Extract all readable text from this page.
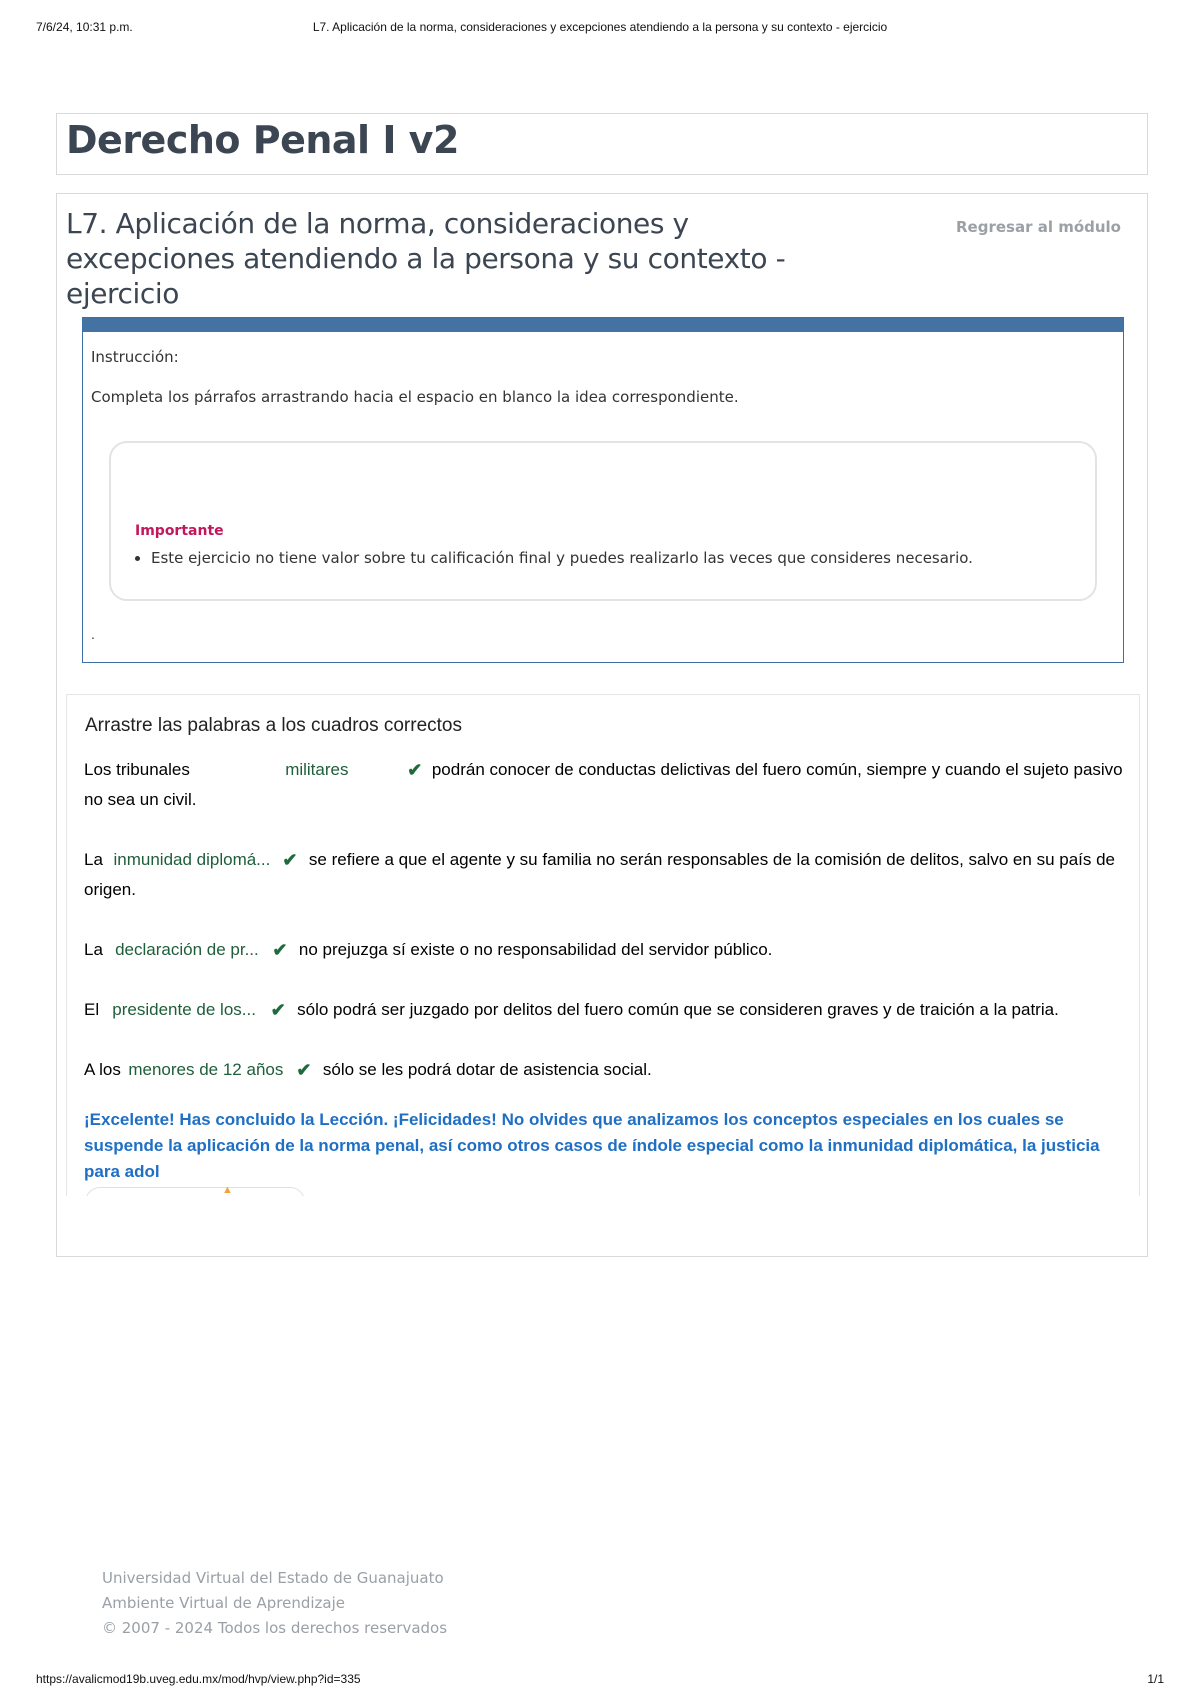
7/6/24, 10:31 p.m.	L7. Aplicación de la norma, consideraciones y excepciones atendiendo a la persona y su contexto - ejercicio
Derecho Penal I v2
L7. Aplicación de la norma, consideraciones y excepciones atendiendo a la persona y su contexto - ejercicio
Regresar al módulo
Instrucción:
Completa los párrafos arrastrando hacia el espacio en blanco la idea correspondiente.
Importante
• Este ejercicio no tiene valor sobre tu calificación final y puedes realizarlo las veces que consideres necesario.
.
Arrastre las palabras a los cuadros correctos
Los tribunales	militares	✔ podrán conocer de conductas delictivas del fuero común, siempre y cuando el sujeto pasivo no sea un civil.
La inmunidad diplomá... ✔ se refiere a que el agente y su familia no serán responsables de la comisión de delitos, salvo en su país de origen.
La declaración de pr... ✔ no prejuzga sí existe o no responsabilidad del servidor público.
El presidente de los... ✔ sólo podrá ser juzgado por delitos del fuero común que se consideren graves y de traición a la patria.
A los menores de 12 años ✔ sólo se les podrá dotar de asistencia social.

¡Excelente! Has concluido la Lección. ¡Felicidades! No olvides que analizamos los conceptos especiales en los cuales se suspende la aplicación de la norma penal, así como otros casos de índole especial como la inmunidad diplomática, la justicia para adol

▲
Universidad Virtual del Estado de Guanajuato
Ambiente Virtual de Aprendizaje
© 2007 - 2024 Todos los derechos reservados
https://avalicmod19b.uveg.edu.mx/mod/hvp/view.php?id=335	1/1
